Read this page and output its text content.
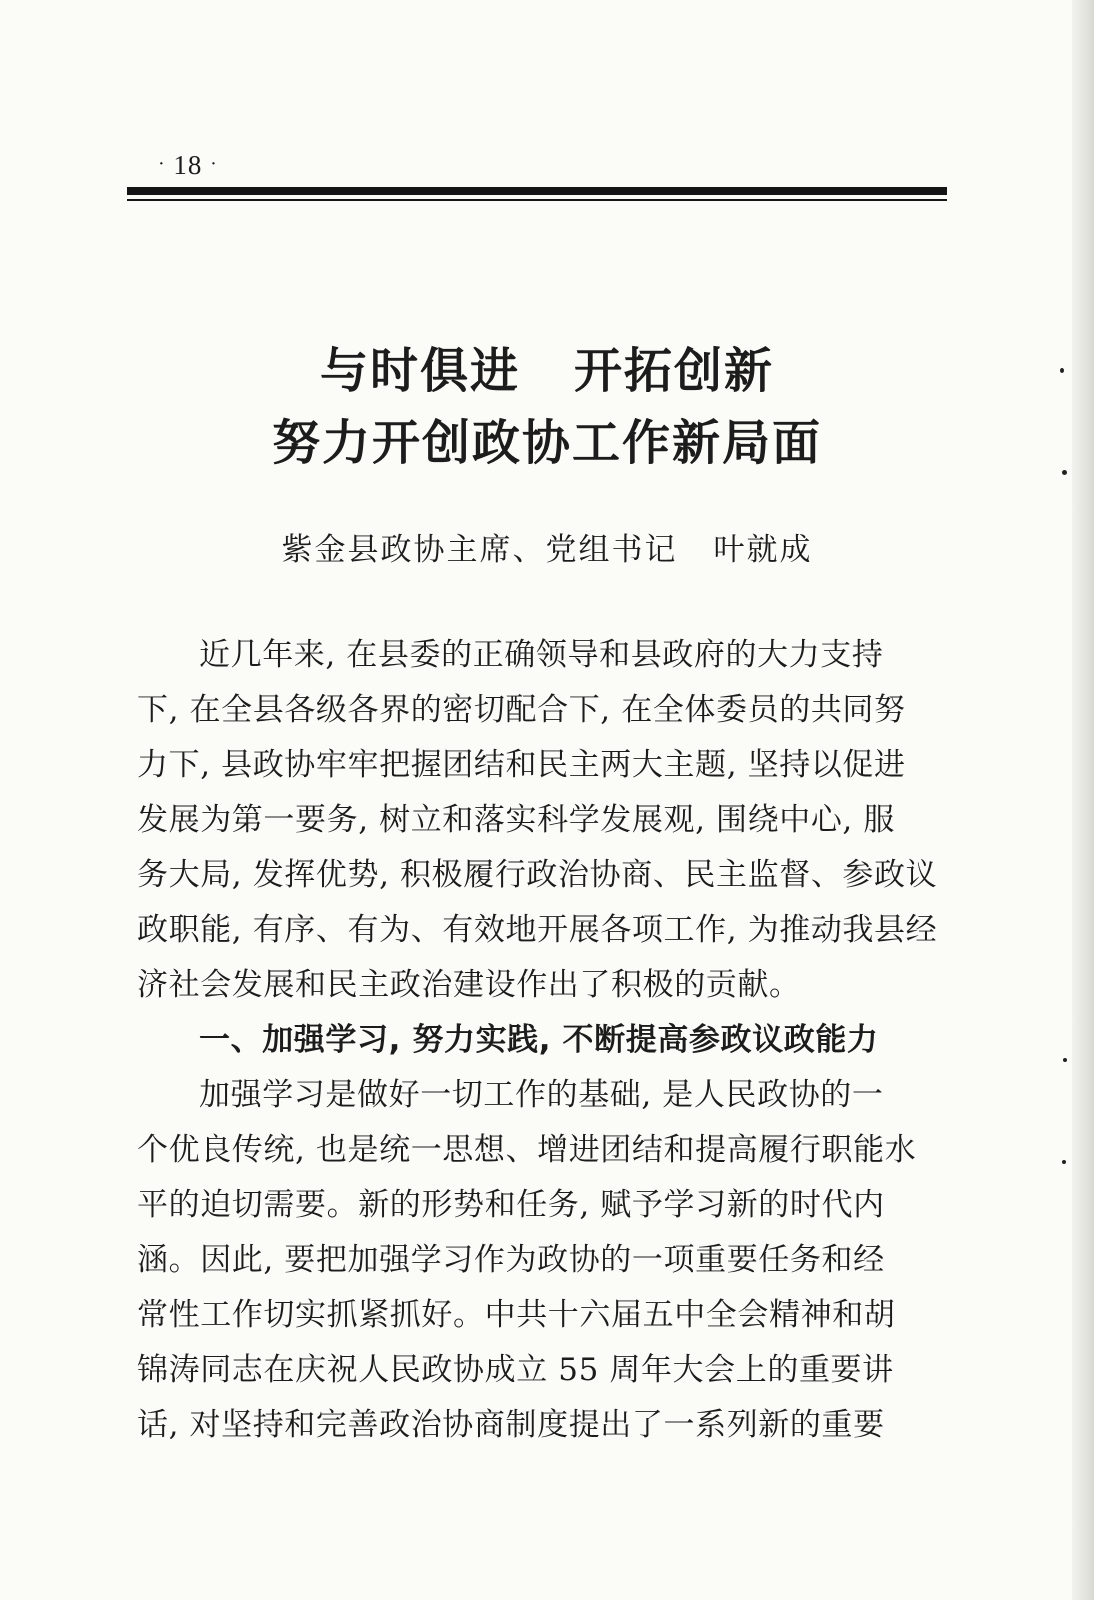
· 18 ·
与时俱进 开拓创新
努力开创政协工作新局面
紫金县政协主席、党组书记 叶就成
近几年来, 在县委的正确领导和县政府的大力支持
下, 在全县各级各界的密切配合下, 在全体委员的共同努
力下, 县政协牢牢把握团结和民主两大主题, 坚持以促进
发展为第一要务, 树立和落实科学发展观, 围绕中心, 服
务大局, 发挥优势, 积极履行政治协商、民主监督、参政议
政职能, 有序、有为、有效地开展各项工作, 为推动我县经
济社会发展和民主政治建设作出了积极的贡献。
一、加强学习, 努力实践, 不断提高参政议政能力
加强学习是做好一切工作的基础, 是人民政协的一
个优良传统, 也是统一思想、增进团结和提高履行职能水
平的迫切需要。新的形势和任务, 赋予学习新的时代内
涵。因此, 要把加强学习作为政协的一项重要任务和经
常性工作切实抓紧抓好。中共十六届五中全会精神和胡
锦涛同志在庆祝人民政协成立 55 周年大会上的重要讲
话, 对坚持和完善政治协商制度提出了一系列新的重要
